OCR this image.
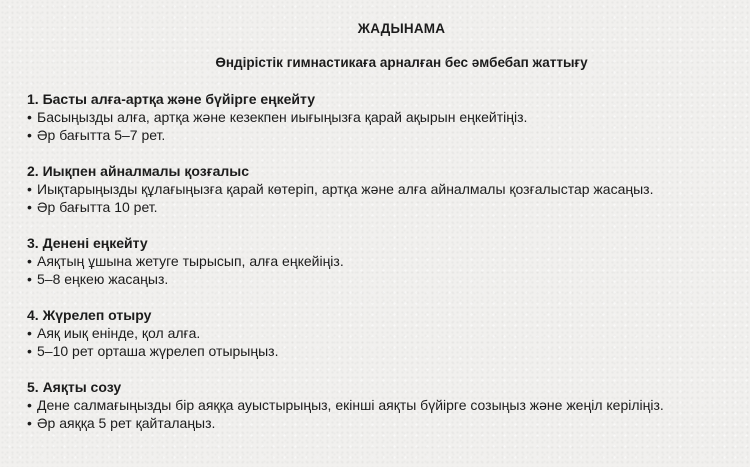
ЖАДЫНАМА
Өндірістік гимнастикаға арналған бес әмбебап жаттығу
1. Басты алға-артқа және бүйірге еңкейту
• Басыңызды алға, артқа және кезекпен иығыңызға қарай ақырын еңкейтіңіз.
• Әр бағытта 5–7 рет.
2. Иықпен айналмалы қозғалыс
• Иықтарыңызды құлағыңызға қарай көтеріп, артқа және алға айналмалы қозғалыстар жасаңыз.
• Әр бағытта 10 рет.
3. Денені еңкейту
• Аяқтың ұшына жетуге тырысып, алға еңкейіңіз.
• 5–8 еңкею жасаңыз.
4. Жүрелеп отыру
• Аяқ иық енінде, қол алға.
• 5–10 рет орташа жүрелеп отырыңыз.
5. Аяқты созу
• Дене салмағыңызды бір аяққа ауыстырыңыз, екінші аяқты бүйірге созыңыз және жеңіл керіліңіз.
• Әр аяққа 5 рет қайталаңыз.
